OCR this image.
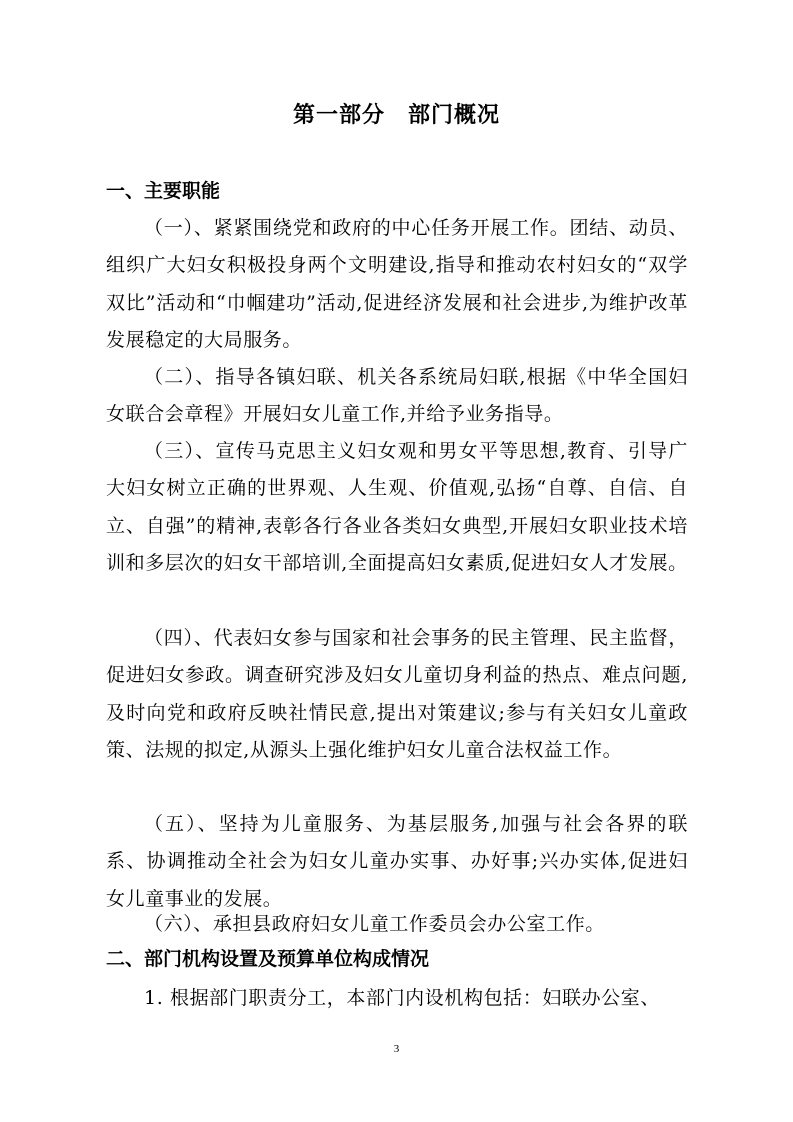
第一部分　部门概况
一、主要职能
（一）、紧紧围绕党和政府的中心任务开展工作。团结、动员、组织广大妇女积极投身两个文明建设,指导和推动农村妇女的“双学双比”活动和“巾帼建功”活动,促进经济发展和社会进步,为维护改革发展稳定的大局服务。
（二）、指导各镇妇联、机关各系统局妇联,根据《中华全国妇女联合会章程》开展妇女儿童工作,并给予业务指导。
（三）、宣传马克思主义妇女观和男女平等思想,教育、引导广大妇女树立正确的世界观、人生观、价值观,弘扬“自尊、自信、自立、自强”的精神,表彰各行各业各类妇女典型,开展妇女职业技术培训和多层次的妇女干部培训,全面提高妇女素质,促进妇女人才发展。
（四）、代表妇女参与国家和社会事务的民主管理、民主监督，促进妇女参政。调查研究涉及妇女儿童切身利益的热点、难点问题,及时向党和政府反映社情民意,提出对策建议;参与有关妇女儿童政策、法规的拟定,从源头上强化维护妇女儿童合法权益工作。
（五）、坚持为儿童服务、为基层服务,加强与社会各界的联系、协调推动全社会为妇女儿童办实事、办好事;兴办实体,促进妇女儿童事业的发展。
（六）、承担县政府妇女儿童工作委员会办公室工作。
二、部门机构设置及预算单位构成情况
1. 根据部门职责分工，本部门内设机构包括：妇联办公室、
3
